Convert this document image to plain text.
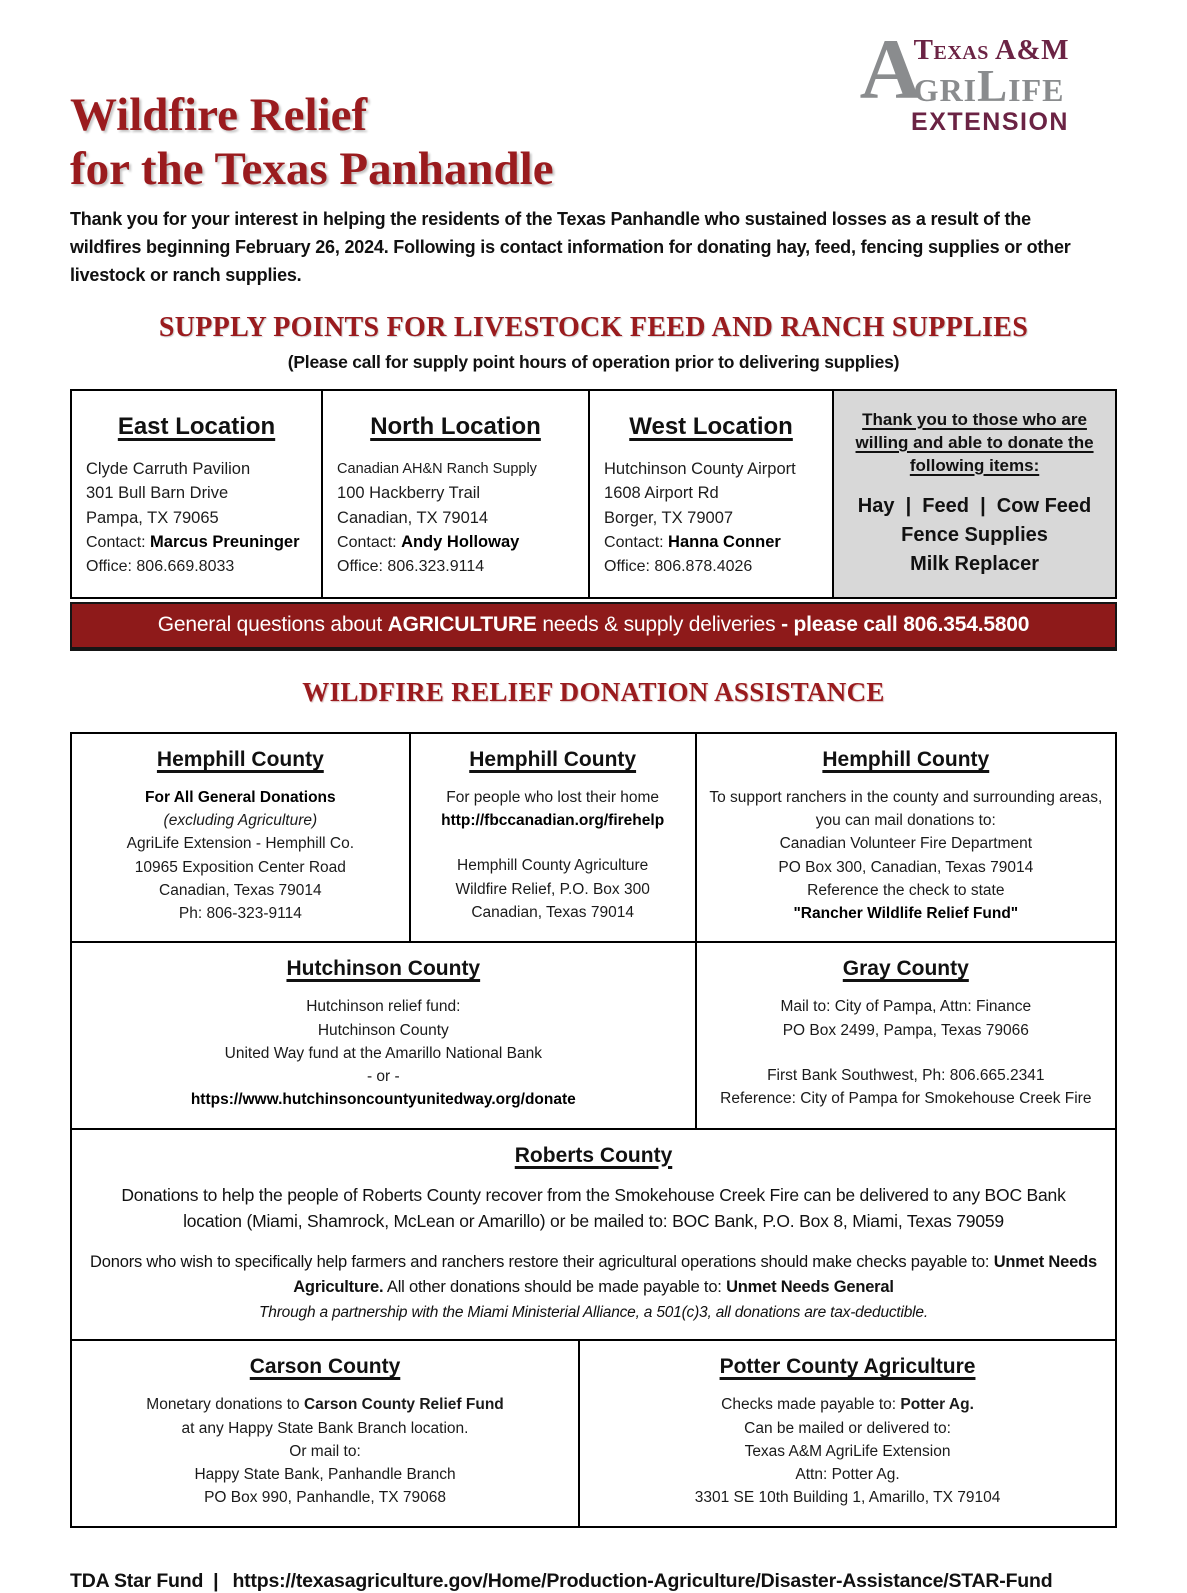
A
Texas A&M
griLife
EXTENSION
Wildfire Relief
for the Texas Panhandle
Thank you for your interest in helping the residents of the Texas Panhandle who sustained losses as a result of the wildfires beginning February 26, 2024. Following is contact information for donating hay, feed, fencing supplies or other livestock or ranch supplies.
SUPPLY POINTS FOR LIVESTOCK FEED AND RANCH SUPPLIES
(Please call for supply point hours of operation prior to delivering supplies)
East Location
Clyde Carruth Pavilion
301 Bull Barn Drive
Pampa, TX 79065
Contact: Marcus Preuninger
Office: 806.669.8033
North Location
Canadian AH&N Ranch Supply
100 Hackberry Trail
Canadian, TX 79014
Contact: Andy Holloway
Office: 806.323.9114
West Location
Hutchinson County Airport
1608 Airport Rd
Borger, TX 79007
Contact: Hanna Conner
Office: 806.878.4026
Thank you to those who are willing and able to donate the following items:
Hay  |  Feed  |  Cow Feed
Fence Supplies
Milk Replacer
General questions about AGRICULTURE needs & supply deliveries - please call 806.354.5800
WILDFIRE RELIEF DONATION ASSISTANCE
Hemphill County
For All General Donations
(excluding Agriculture)
AgriLife Extension - Hemphill Co.
10965 Exposition Center Road
Canadian, Texas 79014
Ph: 806-323-9114
Hemphill County
For people who lost their home
http://fbccanadian.org/firehelp
Hemphill County Agriculture
Wildfire Relief, P.O. Box 300
Canadian, Texas 79014
Hemphill County
To support ranchers in the county and surrounding areas, you can mail donations to:
Canadian Volunteer Fire Department
PO Box 300, Canadian, Texas 79014
Reference the check to state
"Rancher Wildlife Relief Fund"
Hutchinson County
Hutchinson relief fund:
Hutchinson County
United Way fund at the Amarillo National Bank
- or -
https://www.hutchinsoncountyunitedway.org/donate
Gray County
Mail to: City of Pampa, Attn: Finance
PO Box 2499, Pampa, Texas 79066
First Bank Southwest, Ph: 806.665.2341
Reference: City of Pampa for Smokehouse Creek Fire
Roberts County
Donations to help the people of Roberts County recover from the Smokehouse Creek Fire can be delivered to any BOC Bank location (Miami, Shamrock, McLean or Amarillo) or be mailed to: BOC Bank, P.O. Box 8, Miami, Texas 79059
Donors who wish to specifically help farmers and ranchers restore their agricultural operations should make checks payable to: Unmet Needs Agriculture. All other donations should be made payable to: Unmet Needs General
Through a partnership with the Miami Ministerial Alliance, a 501(c)3, all donations are tax-deductible.
Carson County
Monetary donations to Carson County Relief Fund
at any Happy State Bank Branch location.
Or mail to:
Happy State Bank, Panhandle Branch
PO Box 990, Panhandle, TX 79068
Potter County Agriculture
Checks made payable to: Potter Ag.
Can be mailed or delivered to:
Texas A&M AgriLife Extension
Attn: Potter Ag.
3301 SE 10th Building 1, Amarillo, TX 79104
TDA Star Fund | https://texasagriculture.gov/Home/Production-Agriculture/Disaster-Assistance/STAR-Fund
